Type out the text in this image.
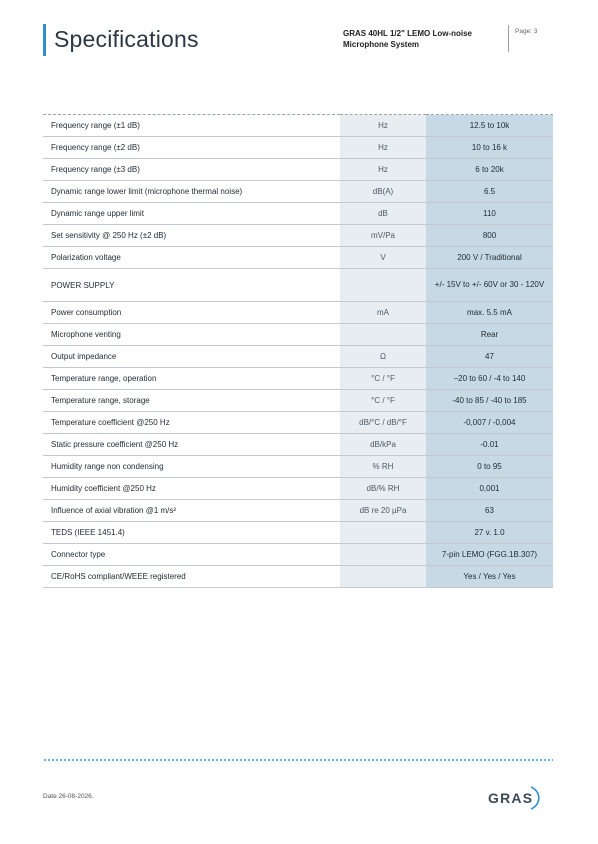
Specifications	GRAS 40HL 1/2" LEMO Low-noise Microphone System
Page: 3
Frequency range (±1 dB)	Hz	12.5 to 10k
Frequency range (±2 dB)	Hz	10 to 16 k
Frequency range (±3 dB)	Hz	6 to 20k
Dynamic range lower limit (microphone thermal noise)	dB(A)	6.5
Dynamic range upper limit	dB	110
Set sensitivity @ 250 Hz (±2 dB)	mV/Pa	800
Polarization voltage	V	200 V / Traditional
POWER SUPPLY		+/- 15V to +/- 60V or 30 - 120V
Power consumption	mA	max. 5.5 mA
Microphone venting		Rear
Output impedance	Ω	47
Temperature range, operation	°C / °F	–20 to 60 / -4 to 140
Temperature range, storage	°C / °F	-40 to 85 / -40 to 185
Temperature coefficient @250 Hz	dB/°C / dB/°F	-0,007 / -0,004
Static pressure coefficient @250 Hz	dB/kPa	-0.01
Humidity range non condensing	% RH	0 to 95
Humidity coefficient @250 Hz	dB/% RH	0,001
Influence of axial vibration @1 m/s²	dB re 20 µPa	63
TEDS (IEEE 1451.4)		27 v. 1.0
Connector type		7-pin LEMO (FGG.1B.307)
CE/RoHS compliant/WEEE registered		Yes / Yes / Yes
Date 26-08-2026.	GRAS
